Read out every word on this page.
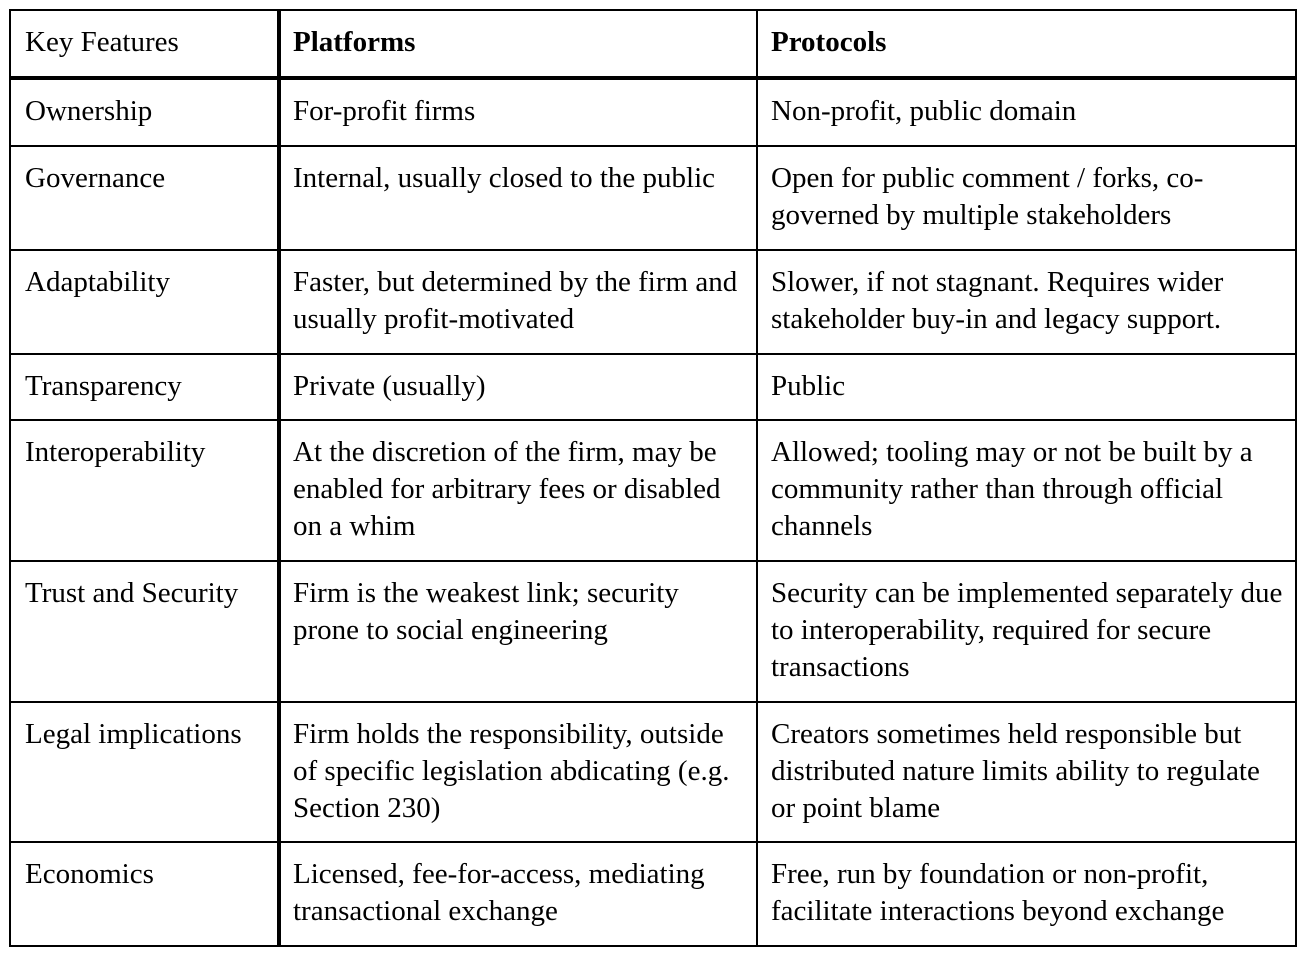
Key Features	Platforms	Protocols
Ownership	For-profit firms	Non-profit, public domain
Governance	Internal, usually closed to the public	Open for public comment / forks, co-governed by multiple stakeholders
Adaptability	Faster, but determined by the firm and usually profit-motivated	Slower, if not stagnant. Requires wider stakeholder buy-in and legacy support.
Transparency	Private (usually)	Public
Interoperability	At the discretion of the firm, may be enabled for arbitrary fees or disabled on a whim	Allowed; tooling may or not be built by a community rather than through official channels
Trust and Security	Firm is the weakest link; security prone to social engineering	Security can be implemented separately due to interoperability, required for secure transactions
Legal implications	Firm holds the responsibility, outside of specific legislation abdicating (e.g. Section 230)	Creators sometimes held responsible but distributed nature limits ability to regulate or point blame
Economics	Licensed, fee-for-access, mediating transactional exchange	Free, run by foundation or non-profit, facilitate interactions beyond exchange
